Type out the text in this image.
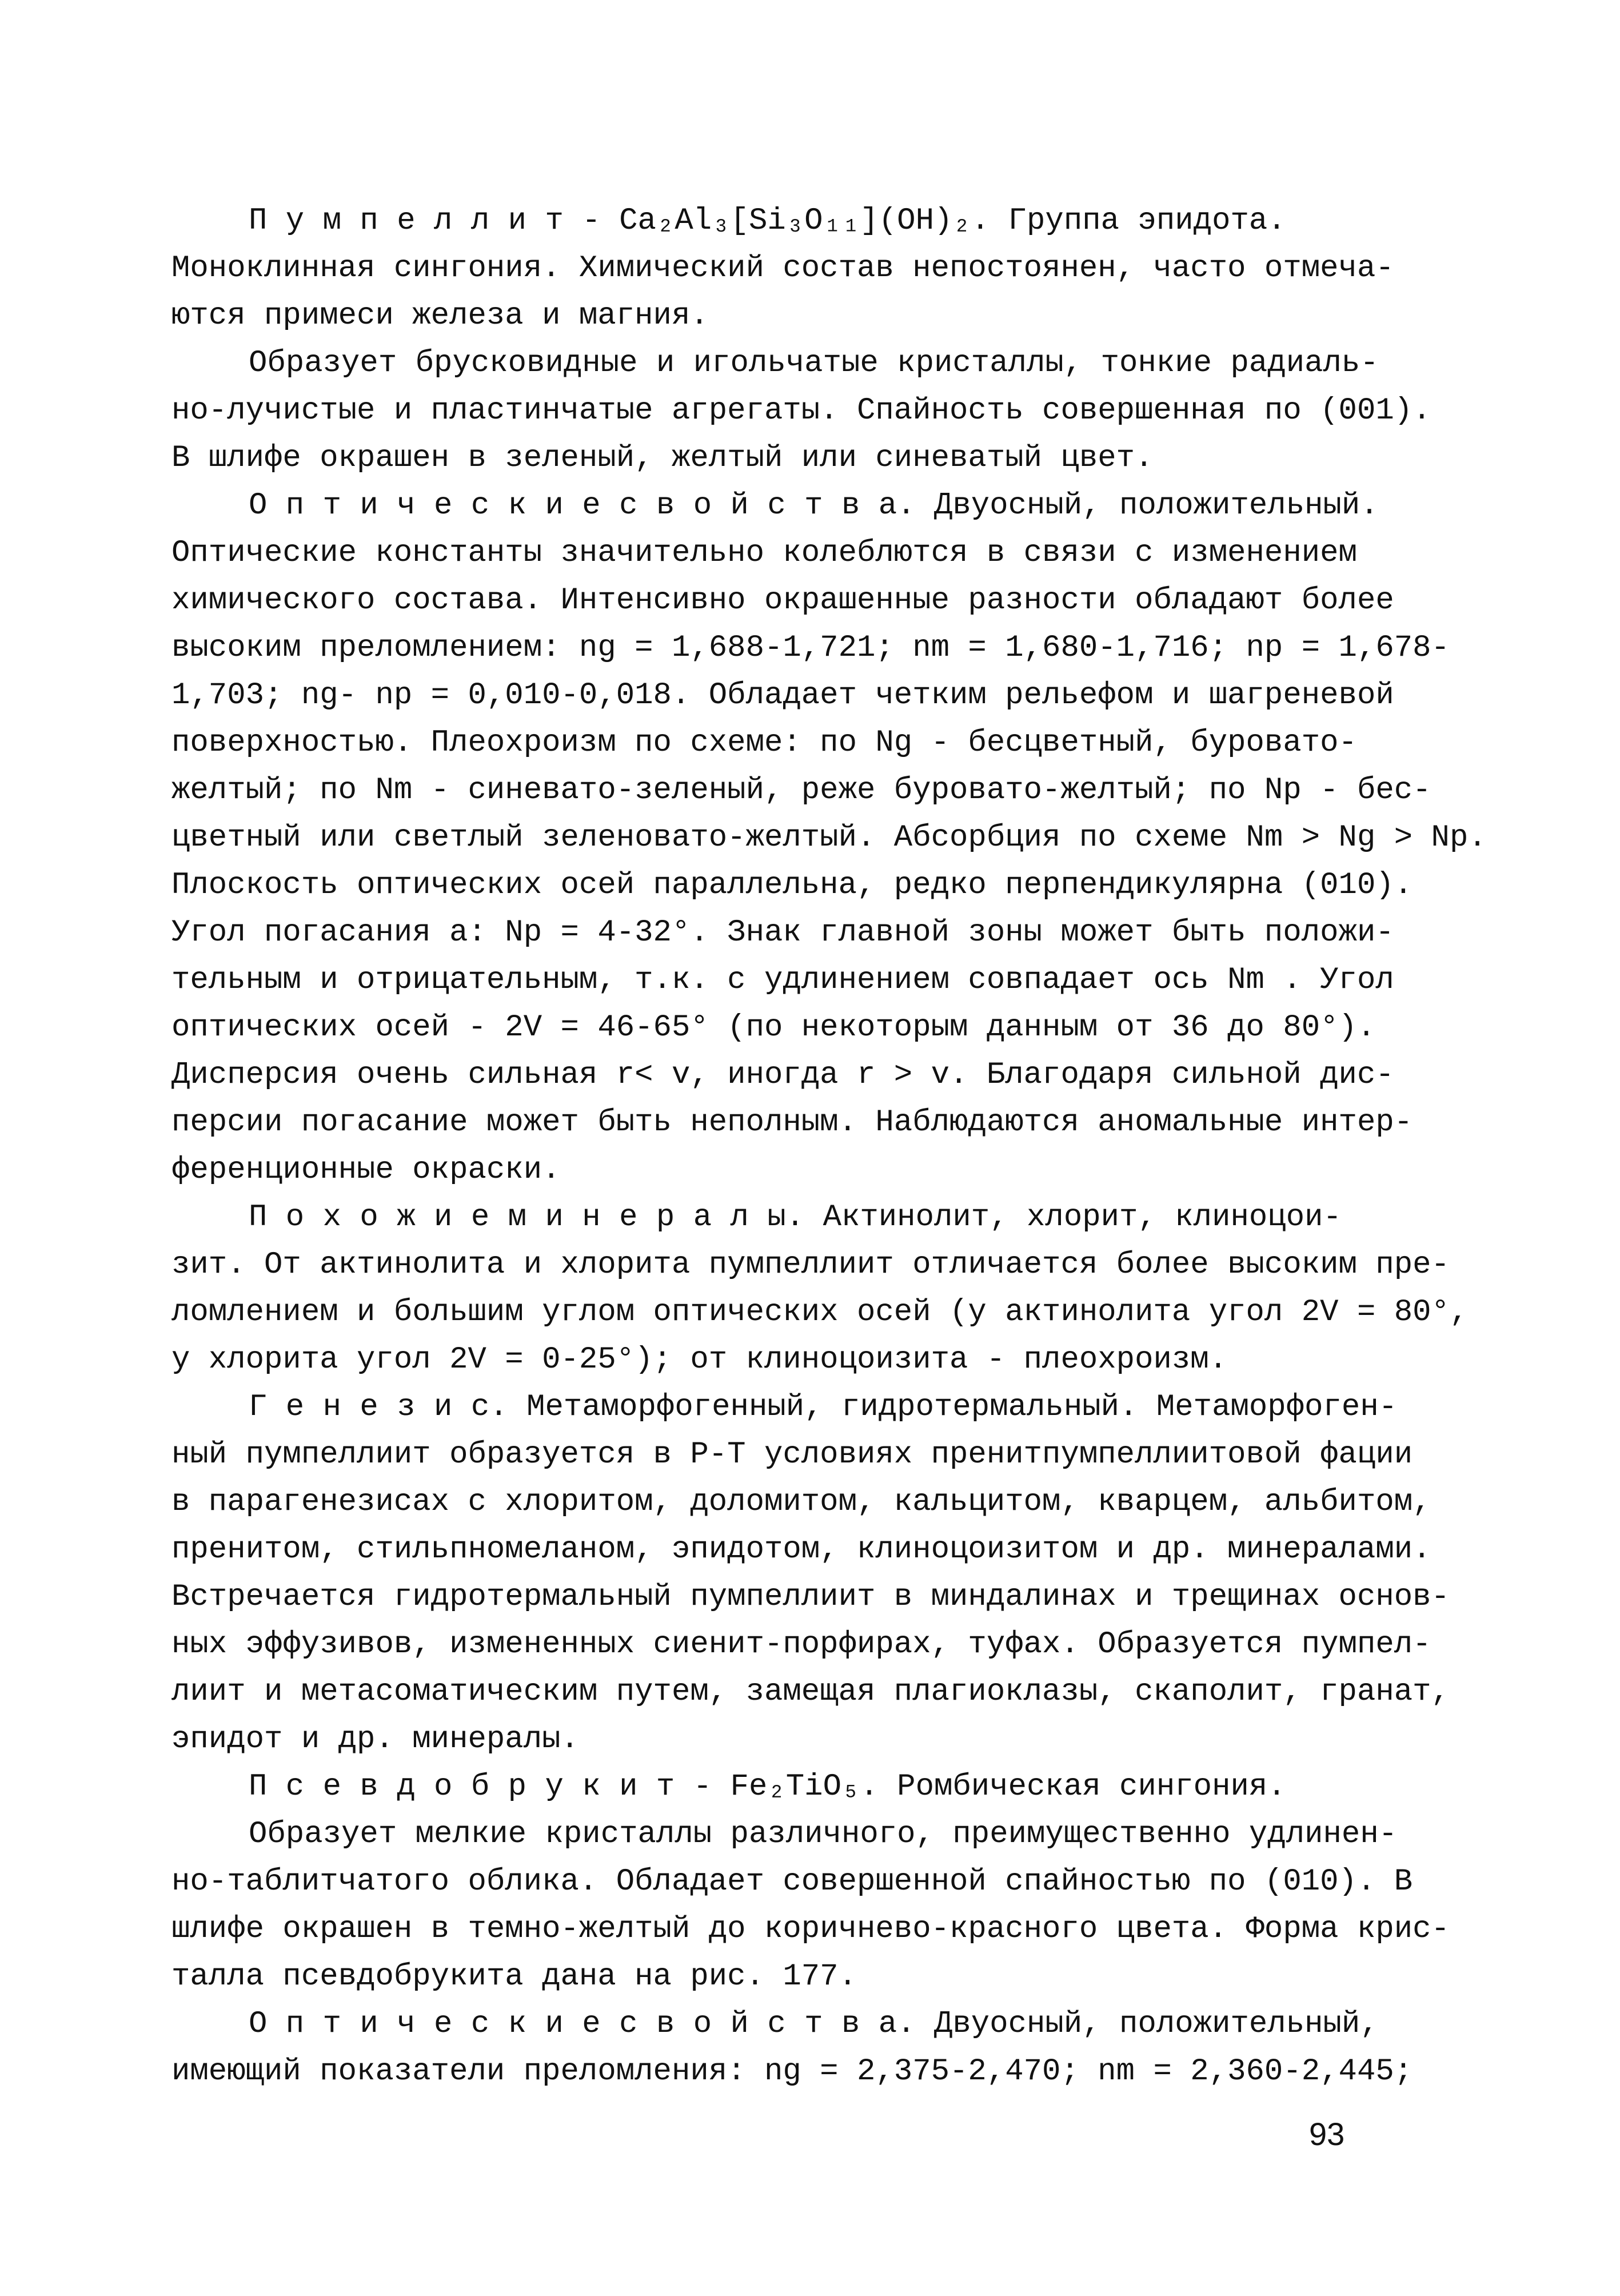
П у м п е л л и т - Ca₂Al₃[Si₃O₁₁](OH)₂. Группа эпидота.
Моноклинная сингония. Химический состав непостоянен, часто отмеча-
ются примеси железа и магния.
Образует брусковидные и игольчатые кристаллы, тонкие радиаль-
но-лучистые и пластинчатые агрегаты. Спайность совершенная по (001).
В шлифе окрашен в зеленый, желтый или синеватый цвет.
О п т и ч е с к и е с в о й с т в а. Двуосный, положительный.
Оптические константы значительно колеблются в связи с изменением
химического состава. Интенсивно окрашенные разности обладают более
высоким преломлением: ng = 1,688-1,721; nm = 1,680-1,716; np = 1,678-
1,703; ng- np = 0,010-0,018. Обладает четким рельефом и шагреневой
поверхностью. Плеохроизм по схеме: по Ng - бесцветный, буровато-
желтый; по Nm - синевато-зеленый, реже буровато-желтый; по Np - бес-
цветный или светлый зеленовато-желтый. Абсорбция по схеме Nm > Ng > Np.
Плоскость оптических осей параллельна, редко перпендикулярна (010).
Угол погасания a: Np = 4-32°. Знак главной зоны может быть положи-
тельным и отрицательным, т.к. с удлинением совпадает ось Nm . Угол
оптических осей - 2V = 46-65° (по некоторым данным от 36 до 80°).
Дисперсия очень сильная r< v, иногда r > v. Благодаря сильной дис-
персии погасание может быть неполным. Наблюдаются аномальные интер-
ференционные окраски.
П о х о ж и е м и н е р а л ы. Актинолит, хлорит, клиноцои-
зит. От актинолита и хлорита пумпеллиит отличается более высоким пре-
ломлением и большим углом оптических осей (у актинолита угол 2V = 80°,
у хлорита угол 2V = 0-25°); от клиноцоизита - плеохроизм.
Г е н е з и с. Метаморфогенный, гидротермальный. Метаморфоген-
ный пумпеллиит образуется в P-T условиях пренитпумпеллиитовой фации
в парагенезисах с хлоритом, доломитом, кальцитом, кварцем, альбитом,
пренитом, стильпномеланом, эпидотом, клиноцоизитом и др. минералами.
Встречается гидротермальный пумпеллиит в миндалинах и трещинах основ-
ных эффузивов, измененных сиенит-порфирах, туфах. Образуется пумпел-
лиит и метасоматическим путем, замещая плагиоклазы, скаполит, гранат,
эпидот и др. минералы.
П с е в д о б р у к и т - Fe₂TiO₅. Ромбическая сингония.
Образует мелкие кристаллы различного, преимущественно удлинен-
но-таблитчатого облика. Обладает совершенной спайностью по (010). В
шлифе окрашен в темно-желтый до коричнево-красного цвета. Форма крис-
талла псевдобрукита дана на рис. 177.
О п т и ч е с к и е с в о й с т в а. Двуосный, положительный,
имеющий показатели преломления: ng = 2,375-2,470; nm = 2,360-2,445;
93
